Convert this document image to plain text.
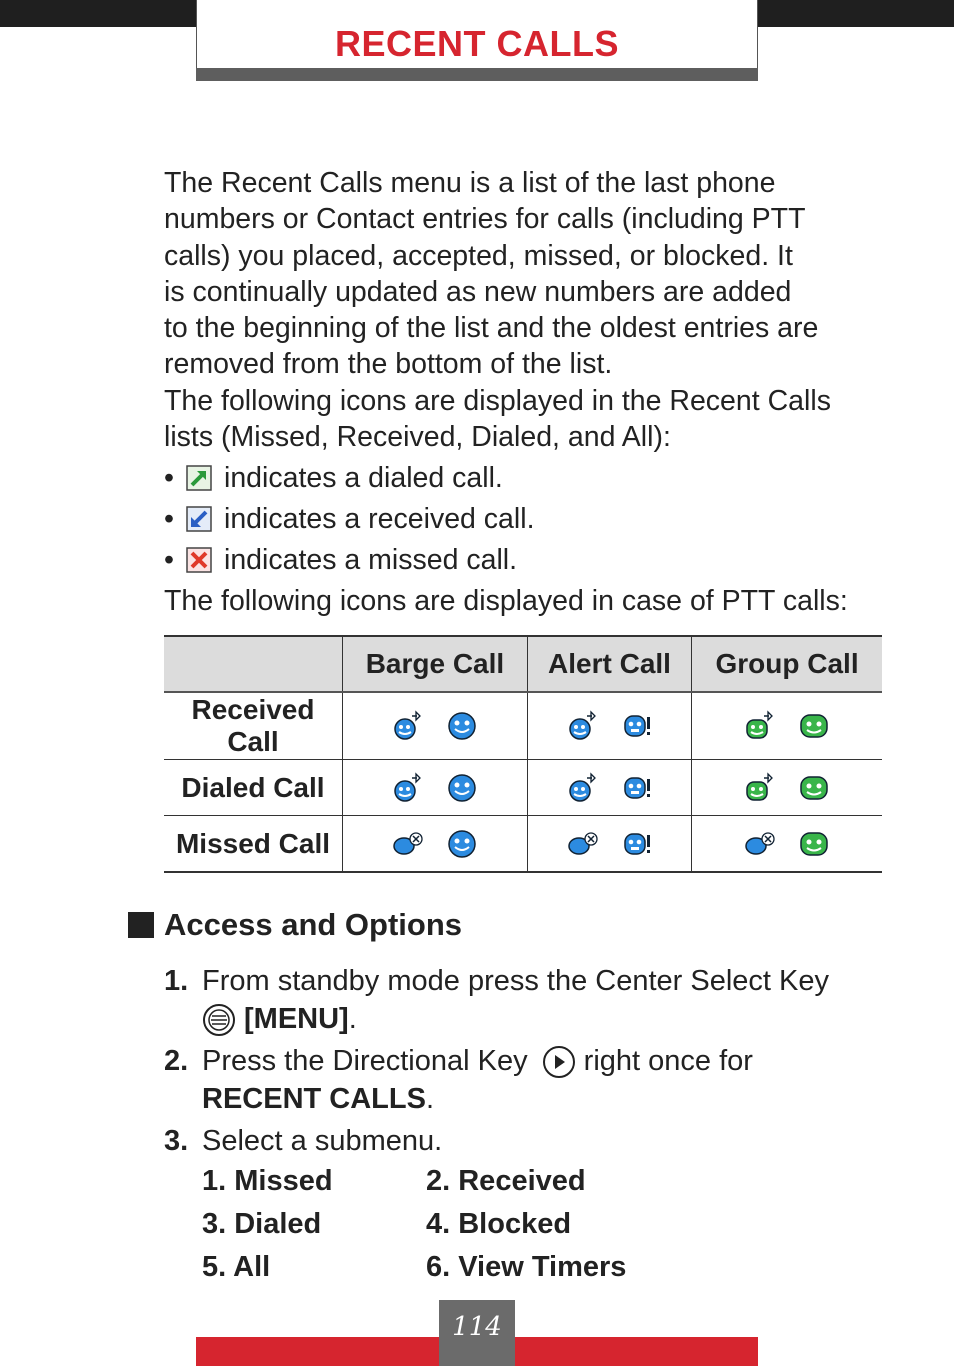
RECENT CALLS

The Recent Calls menu is a list of the last phone

numbers or Contact entries for calls (including PTT

calls) you placed, accepted, missed, or blocked. It

is continually updated as new numbers are added

to the beginning of the list and the oldest entries are

removed from the bottom of the list.

The following icons are displayed in the Recent Calls

lists (Missed, Received, Dialed, and All):

•	indicates a dialed call.
•	indicates a received call.
•	indicates a missed call.
The following icons are displayed in case of PTT calls:
	Barge Call	Alert Call	Group Call
Received Call	

Dialed Call	

Missed Call	

Access and Options
1. From standby mode press the Center Select Key
[MENU].
2. Press the Directional Key right once for
RECENT CALLS.
3. Select a submenu.
1. Missed	2. Received
3. Dialed	4. Blocked
5. All	6. View Timers
114
